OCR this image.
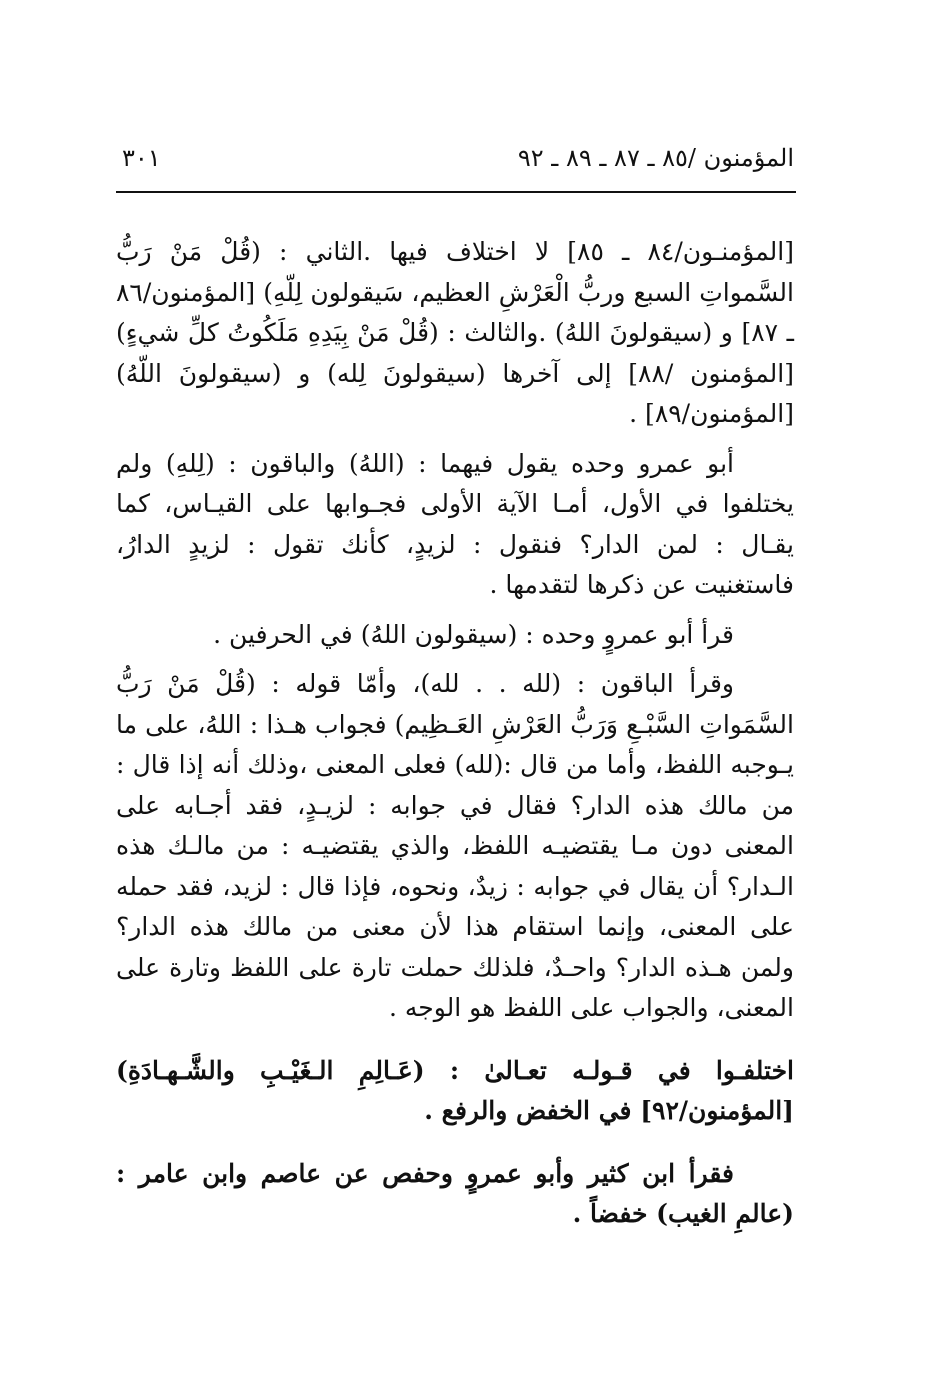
المؤمنون /٨٥ ـ ٨٧ ـ ٨٩ ـ ٩٢
٣٠١

[المؤمنـون/٨٤ ـ ٨٥] لا اختلاف فيها .الثاني : (قُلْ مَنْ رَبُّ السَّمواتِ السبع وربُّ الْعَرْشِ العظيم، سَيقولون لِلّهِ) [المؤمنون/٨٦ ـ ٨٧] و (سيقولونَ اللهُ) .والثالث : (قُلْ مَنْ بِيَدِهِ مَلَكُوتُ كلِّ شيءٍ)[المؤمنون /٨٨] إلى آخرها (سيقولونَ لِله) و (سيقولونَ اللّهُ) [المؤمنون/٨٩] .

أبو عمرو وحده يقول فيهما : (اللهُ) والباقون : (لِلهِ) ولم يختلفوا في الأول، أمـا الآية الأولى فجـوابها على القيـاس، كما يقـال : لمن الدار؟ فنقول : لزيدٍ، كأنك تقول : لزيدٍ الدارُ، فاستغنيت عن ذكرها لتقدمها .

قرأ أبو عمروٍ وحده : (سيقولون اللهُ) في الحرفين .

وقرأ الباقون : (لله . . لله)، وأمّا قوله : (قُلْ مَنْ رَبُّ السَّمَواتِ السَّبْـعِ وَرَبُّ العَرْشِ العَـظِيم) فجواب هـذا : اللهُ، على ما يـوجبه اللفظ، وأما من قال :(لله) فعلى المعنى ،وذلك أنه إذا قال : من مالك هذه الدار؟ فقال في جوابه : لزيـدٍ، فقد أجـابه على المعنى دون مـا يقتضيـه اللفظ، والذي يقتضيـه : من مالـك هذه الـدار؟ أن يقال في جوابه : زيدٌ، ونحوه، فإذا قال : لزيد، فقد حمله على المعنى، وإنما استقام هذا لأن معنى من مالك هذه الدار؟ ولمن هـذه الدار؟ واحـدٌ، فلذلك حملت تارة على اللفظ وتارة على المعنى، والجواب على اللفظ هو الوجه .

اختلفـوا في قـولـه تعـالىٰ : (عَـالِمِ الـغَيْـبِ والشَّـهـادَةِ) [المؤمنون/٩٢] في الخفض والرفع .

فقرأ ابن كثير وأبو عمروٍ وحفص عن عاصم وابن عامر : (عالمِ الغيب) خفضاً .
